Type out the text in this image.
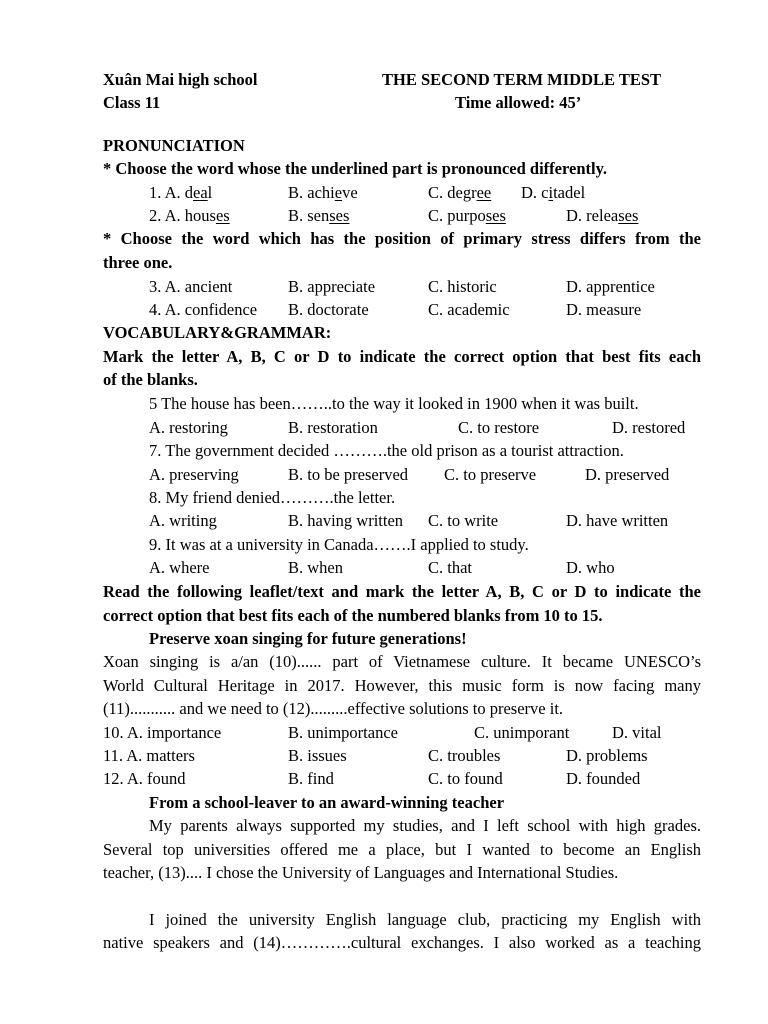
Xuân Mai high school	THE SECOND TERM MIDDLE TEST
Class 11	Time allowed: 45’
PRONUNCIATION
* Choose the word whose the underlined part is pronounced differently.
1. A. deal	B. achieve	C. degree D. citadel
2. A. houses	B. senses	C. purposes	D. releases
* Choose the word which has the position of primary stress differs from the
three one.
3. A. ancient	B. appreciate	C. historic	D. apprentice
4. A. confidence B. doctorate	C. academic	D. measure
VOCABULARY&GRAMMAR:
Mark the letter A, B, C or D to indicate the correct option that best fits each
of the blanks.
5 The house has been……..to the way it looked in 1900 when it was built.
A. restoring	B. restoration	C. to restore	D. restored
7. The government decided ……….the old prison as a tourist attraction.
A. preserving	B. to be preserved C. to preserve	D. preserved
8. My friend denied……….the letter.
A. writing	B. having written C. to write	D. have written
9. It was at a university in Canada…….I applied to study.
A. where	B. when	C. that	D. who
Read the following leaflet/text and mark the letter A, B, C or D to indicate the
correct option that best fits each of the numbered blanks from 10 to 15.
Preserve xoan singing for future generations!
Xoan singing is a/an (10)...... part of Vietnamese culture. It became UNESCO’s
World Cultural Heritage in 2017. However, this music form is now facing many
(11)........... and we need to (12).........effective solutions to preserve it.
10. A. importance	B. unimportance	C. unimporant	D. vital
11. A. matters	B. issues	C. troubles	D. problems
12. A. found	B. find	C. to found	D. founded
From a school-leaver to an award-winning teacher
My parents always supported my studies, and I left school with high grades.
Several top universities offered me a place, but I wanted to become an English
teacher, (13).... I chose the University of Languages and International Studies.
I joined the university English language club, practicing my English with
native speakers and (14)………….cultural exchanges. I also worked as a teaching
